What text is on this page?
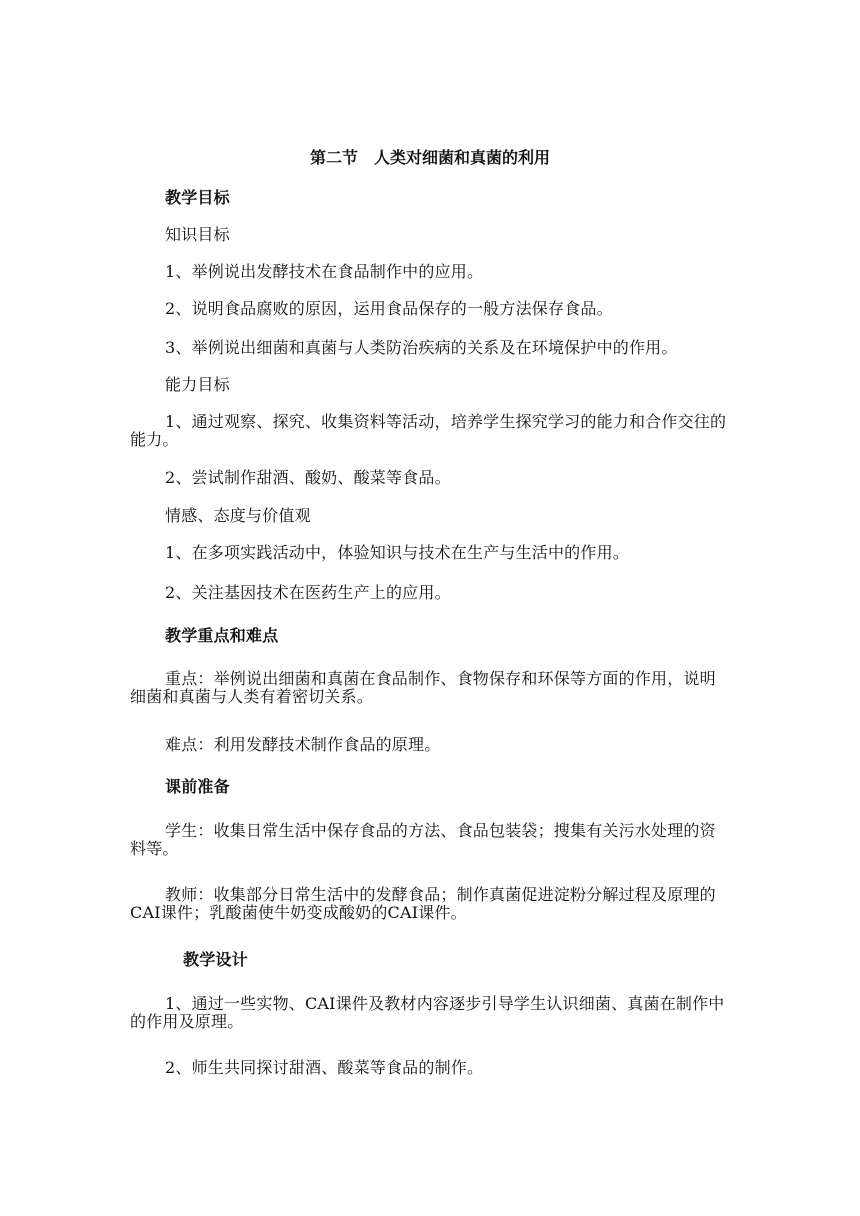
第二节　人类对细菌和真菌的利用
教学目标
知识目标
1、举例说出发酵技术在食品制作中的应用。
2、说明食品腐败的原因，运用食品保存的一般方法保存食品。
3、举例说出细菌和真菌与人类防治疾病的关系及在环境保护中的作用。
能力目标
1、通过观察、探究、收集资料等活动，培养学生探究学习的能力和合作交往的能力。
2、尝试制作甜酒、酸奶、酸菜等食品。
情感、态度与价值观
1、在多项实践活动中，体验知识与技术在生产与生活中的作用。
2、关注基因技术在医药生产上的应用。
教学重点和难点
重点：举例说出细菌和真菌在食品制作、食物保存和环保等方面的作用，说明细菌和真菌与人类有着密切关系。
难点：利用发酵技术制作食品的原理。
课前准备
学生：收集日常生活中保存食品的方法、食品包装袋；搜集有关污水处理的资料等。
教师：收集部分日常生活中的发酵食品；制作真菌促进淀粉分解过程及原理的CAI课件；乳酸菌使牛奶变成酸奶的CAI课件。
教学设计
1、通过一些实物、CAI课件及教材内容逐步引导学生认识细菌、真菌在制作中的作用及原理。
2、师生共同探讨甜酒、酸菜等食品的制作。
